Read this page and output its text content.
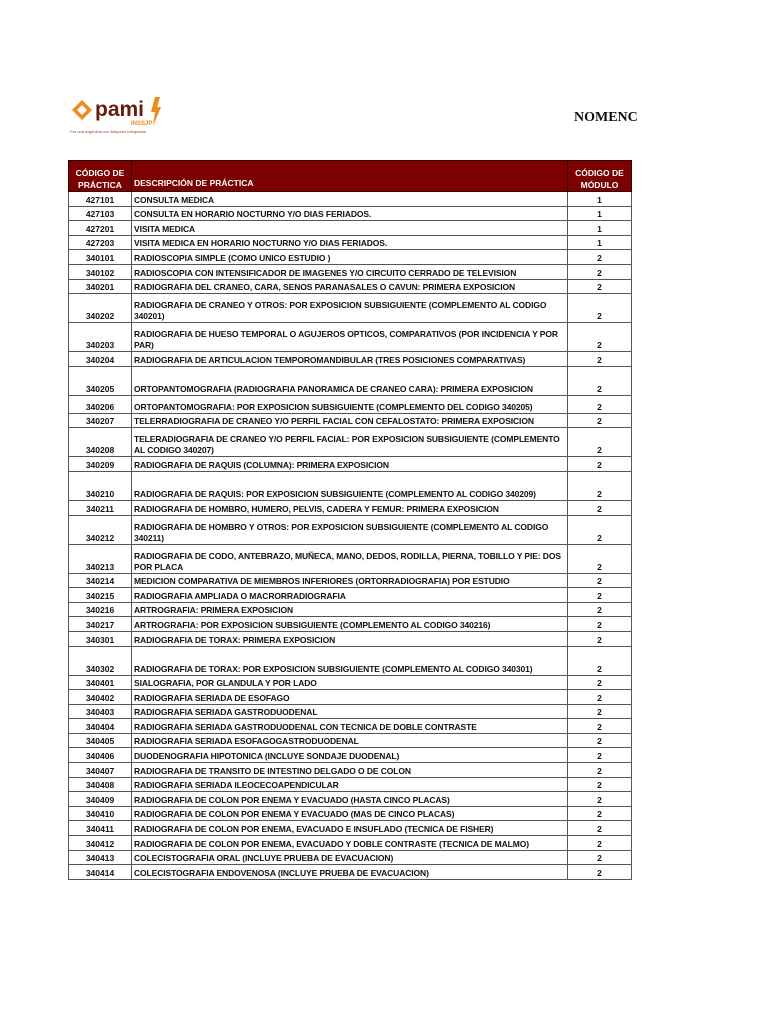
pami
INSSJP
Por una Argentina con Mayores Integrados
NOMENC
CÓDIGO DE PRÁCTICA	DESCRIPCIÓN DE PRÁCTICA	CÓDIGO DE MÓDULO
427101	CONSULTA MEDICA	1
427103	CONSULTA EN HORARIO NOCTURNO Y/O DIAS FERIADOS.	1
427201	VISITA MEDICA	1
427203	VISITA MEDICA EN HORARIO NOCTURNO Y/O DIAS FERIADOS.	1
340101	RADIOSCOPIA SIMPLE (COMO UNICO ESTUDIO )	2
340102	RADIOSCOPIA CON INTENSIFICADOR DE IMAGENES Y/O CIRCUITO CERRADO DE TELEVISION	2
340201	RADIOGRAFIA DEL CRANEO, CARA, SENOS PARANASALES O CAVUN: PRIMERA EXPOSICION	2
340202	RADIOGRAFIA DE CRANEO Y OTROS: POR EXPOSICION SUBSIGUIENTE (COMPLEMENTO AL CODIGO 340201)	2
340203	RADIOGRAFIA DE HUESO TEMPORAL O AGUJEROS OPTICOS, COMPARATIVOS (POR INCIDENCIA Y POR PAR)	2
340204	RADIOGRAFIA DE ARTICULACION TEMPOROMANDIBULAR (TRES POSICIONES COMPARATIVAS)	2
340205	ORTOPANTOMOGRAFIA (RADIOGRAFIA PANORAMICA DE CRANEO CARA): PRIMERA EXPOSICION	2
340206	ORTOPANTOMOGRAFIA: POR EXPOSICION SUBSIGUIENTE (COMPLEMENTO DEL CODIGO 340205)	2
340207	TELERRADIOGRAFIA DE CRANEO Y/O PERFIL FACIAL CON CEFALOSTATO: PRIMERA EXPOSICION	2
340208	TELERADIOGRAFIA DE CRANEO Y/O PERFIL FACIAL: POR EXPOSICION SUBSIGUIENTE (COMPLEMENTO AL CODIGO 340207)	2
340209	RADIOGRAFIA DE RAQUIS (COLUMNA): PRIMERA EXPOSICION	2
340210	RADIOGRAFIA DE RAQUIS: POR EXPOSICION SUBSIGUIENTE (COMPLEMENTO AL CODIGO 340209)	2
340211	RADIOGRAFIA DE HOMBRO, HUMERO, PELVIS, CADERA Y FEMUR: PRIMERA EXPOSICION	2
340212	RADIOGRAFIA DE HOMBRO Y OTROS: POR EXPOSICION SUBSIGUIENTE (COMPLEMENTO AL CODIGO 340211)	2
340213	RADIOGRAFIA DE CODO, ANTEBRAZO, MUÑECA, MANO, DEDOS, RODILLA, PIERNA, TOBILLO Y PIE: DOS POR PLACA	2
340214	MEDICION COMPARATIVA DE MIEMBROS INFERIORES (ORTORRADIOGRAFIA) POR ESTUDIO	2
340215	RADIOGRAFIA AMPLIADA O MACRORRADIOGRAFIA	2
340216	ARTROGRAFIA: PRIMERA EXPOSICION	2
340217	ARTROGRAFIA: POR EXPOSICION SUBSIGUIENTE (COMPLEMENTO AL CODIGO 340216)	2
340301	RADIOGRAFIA DE TORAX: PRIMERA EXPOSICION	2
340302	RADIOGRAFIA DE TORAX: POR EXPOSICION SUBSIGUIENTE (COMPLEMENTO AL CODIGO 340301)	2
340401	SIALOGRAFIA, POR GLANDULA Y POR LADO	2
340402	RADIOGRAFIA SERIADA DE ESOFAGO	2
340403	RADIOGRAFIA SERIADA GASTRODUODENAL	2
340404	RADIOGRAFIA SERIADA GASTRODUODENAL CON TECNICA DE DOBLE CONTRASTE	2
340405	RADIOGRAFIA SERIADA ESOFAGOGASTRODUODENAL	2
340406	DUODENOGRAFIA HIPOTONICA (INCLUYE SONDAJE DUODENAL)	2
340407	RADIOGRAFIA DE TRANSITO DE INTESTINO DELGADO O DE COLON	2
340408	RADIOGRAFIA SERIADA ILEOCECOAPENDICULAR	2
340409	RADIOGRAFIA DE COLON POR ENEMA Y EVACUADO (HASTA CINCO PLACAS)	2
340410	RADIOGRAFIA DE COLON POR ENEMA Y EVACUADO (MAS DE CINCO PLACAS)	2
340411	RADIOGRAFIA DE COLON POR ENEMA, EVACUADO E INSUFLADO (TECNICA DE FISHER)	2
340412	RADIOGRAFIA DE COLON POR ENEMA, EVACUADO Y DOBLE CONTRASTE (TECNICA DE MALMO)	2
340413	COLECISTOGRAFIA ORAL (INCLUYE PRUEBA DE EVACUACION)	2
340414	COLECISTOGRAFIA ENDOVENOSA (INCLUYE PRUEBA DE EVACUACION)	2
